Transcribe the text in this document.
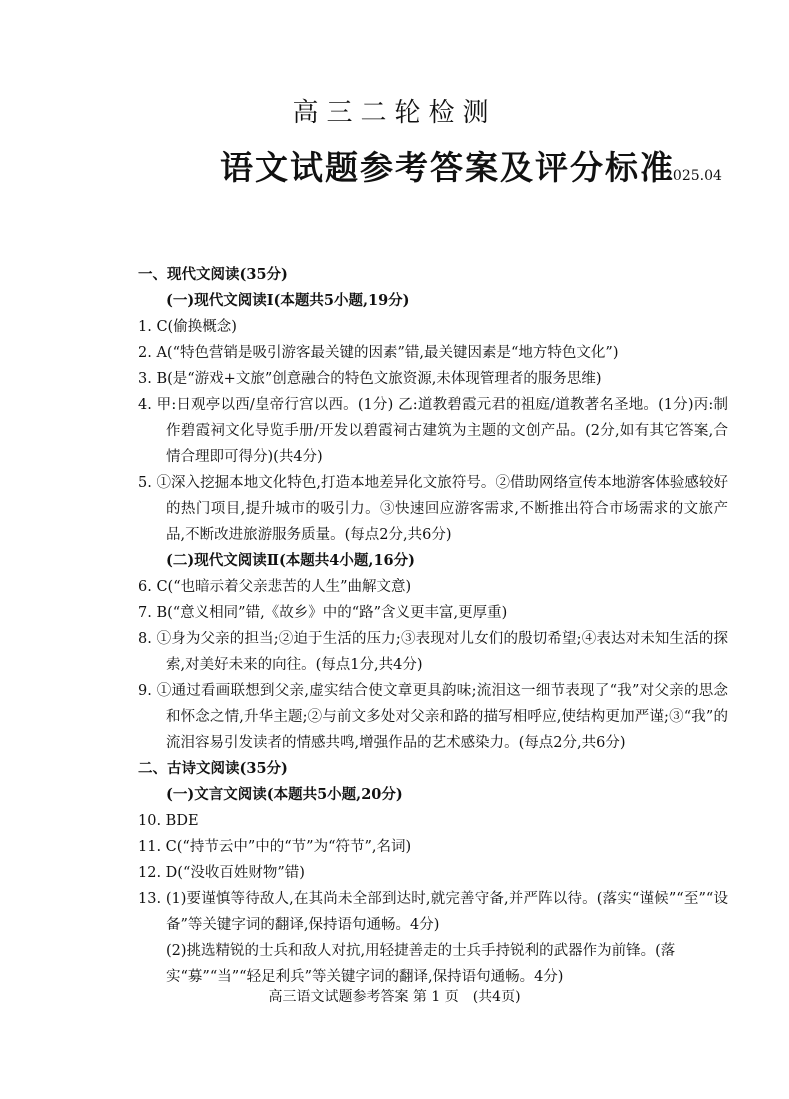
高三二轮检测
语文试题参考答案及评分标准
2025.04
一、现代文阅读(35分)
(一)现代文阅读Ⅰ(本题共5小题,19分)
1. C(偷换概念)
2. A(“特色营销是吸引游客最关键的因素”错,最关键因素是“地方特色文化”)
3. B(是“游戏+文旅”创意融合的特色文旅资源,未体现管理者的服务思维)
4. 甲:日观亭以西/皇帝行宫以西。(1分) 乙:道教碧霞元君的祖庭/道教著名圣地。(1分)丙:制作碧霞祠文化导览手册/开发以碧霞祠古建筑为主题的文创产品。(2分,如有其它答案,合情合理即可得分)(共4分)
5. ①深入挖掘本地文化特色,打造本地差异化文旅符号。②借助网络宣传本地游客体验感较好的热门项目,提升城市的吸引力。③快速回应游客需求,不断推出符合市场需求的文旅产品,不断改进旅游服务质量。(每点2分,共6分)
(二)现代文阅读Ⅱ(本题共4小题,16分)
6. C(“也暗示着父亲悲苦的人生”曲解文意)
7. B(“意义相同”错,《故乡》中的“路”含义更丰富,更厚重)
8. ①身为父亲的担当;②迫于生活的压力;③表现对儿女们的殷切希望;④表达对未知生活的探索,对美好未来的向往。(每点1分,共4分)
9. ①通过看画联想到父亲,虚实结合使文章更具韵味;流泪这一细节表现了“我”对父亲的思念和怀念之情,升华主题;②与前文多处对父亲和路的描写相呼应,使结构更加严谨;③“我”的流泪容易引发读者的情感共鸣,增强作品的艺术感染力。(每点2分,共6分)
二、古诗文阅读(35分)
(一)文言文阅读(本题共5小题,20分)
10. BDE
11. C(“持节云中”中的“节”为“符节”,名词)
12. D(“没收百姓财物”错)
13. (1)要谨慎等待敌人,在其尚未全部到达时,就完善守备,并严阵以待。(落实“谨候”“至”“设备”等关键字词的翻译,保持语句通畅。4分)
(2)挑选精锐的士兵和敌人对抗,用轻捷善走的士兵手持锐利的武器作为前锋。(落实“募”“当”“轻足利兵”等关键字词的翻译,保持语句通畅。4分)
高三语文试题参考答案 第 1 页　(共4页)
